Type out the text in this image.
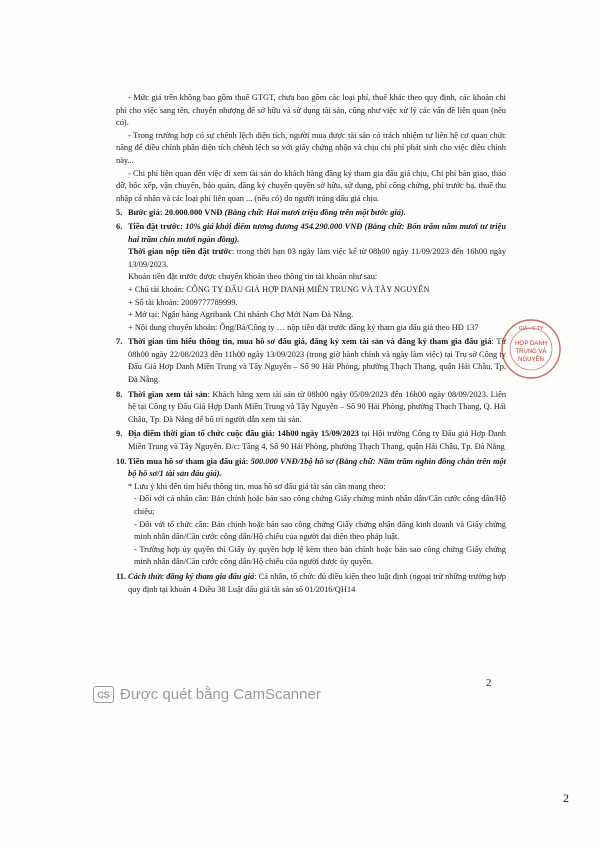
- Mức giá trên không bao gồm thuế GTGT, chưa bao gồm các loại phí, thuế khác theo quy định, các khoản chi phí cho việc sang tên, chuyển nhượng để sở hữu và sử dụng tài sản, cũng như việc xử lý các vấn đề liên quan (nếu có).

- Trong trường hợp có sự chênh lệch diện tích, người mua được tài sản có trách nhiệm tự liên hệ cơ quan chức năng để điều chỉnh phần diện tích chênh lệch so với giấy chứng nhận và chịu chi phí phát sinh cho việc điều chỉnh này...

- Chi phí liên quan đến việc đi xem tài sản do khách hàng đăng ký tham gia đấu giá chịu, Chi phí bàn giao, tháo dỡ, bốc xếp, vận chuyển, bảo quản, đăng ký chuyển quyền sở hữu, sử dụng, phí công chứng, phí trước bạ, thuế thu nhập cá nhân và các loại phí liên quan ... (nếu có) do người trúng đấu giá chịu.

5. Bước giá: 20.000.000 VNĐ (Bằng chữ: Hai mươi triệu đồng trên một bước giá).
6. Tiền đặt trước: 10% giá khởi điểm tương đương 454.290.000 VNĐ (Bằng chữ: Bốn trăm năm mươi tư triệu hai trăm chín mươi ngàn đồng).

Thời gian nộp tiền đặt trước: trong thời hạn 03 ngày làm việc kể từ 08h00 ngày 11/09/2023 đến 16h00 ngày 13/09/2023.

Khoản tiền đặt trước được chuyển khoản theo thông tin tài khoản như sau:

+ Chủ tài khoản: CÔNG TY ĐẤU GIÁ HỢP DANH MIỀN TRUNG VÀ TÂY NGUYÊN

+ Số tài khoản: 2009777789999.

+ Mở tại: Ngân hàng Agribank Chi nhánh Chợ Mới Nam Đà Nẵng.

+ Nội dung chuyển khoản: Ông/Bà/Công ty … nộp tiền đặt trước đăng ký tham gia đấu giá theo HĐ 137

7. Thời gian tìm hiểu thông tin, mua hồ sơ đấu giá, đăng ký xem tài sản và đăng ký tham gia đấu giá: Từ 08h00 ngày 22/08/2023 đến 11h00 ngày 13/09/2023 (trong giờ hành chính và ngày làm việc) tại Trụ sở Công ty Đấu Giá Hợp Danh Miền Trung và Tây Nguyên – Số 90 Hải Phòng, phường Thạch Thang, quận Hải Châu, Tp. Đà Nẵng.
8. Thời gian xem tài sản: Khách hàng xem tài sản từ 08h00 ngày 05/09/2023 đến 16h00 ngày 08/09/2023. Liên hệ tại Công ty Đấu Giá Hợp Danh Miền Trung và Tây Nguyên – Số 90 Hải Phòng, phường Thạch Thang, Q. Hải Châu, Tp. Đà Nẵng để bố trí người dẫn xem tài sản.
9. Địa điểm thời gian tổ chức cuộc đấu giá: 14h00 ngày 15/09/2023 tại Hội trường Công ty Đấu giá Hợp Danh Miền Trung và Tây Nguyên. Đ/c: Tầng 4, Số 90 Hải Phòng, phường Thạch Thang, quận Hải Châu, Tp. Đà Nẵng
10. Tiền mua hồ sơ tham gia đấu giá: 500.000 VNĐ/1bộ hồ sơ (Bằng chữ: Năm trăm nghìn đồng chẵn trên một bộ hồ sơ/1 tài sản đấu giá).

* Lưu ý khi đến tìm hiểu thông tin, mua hồ sơ đấu giá tài sản cần mang theo:

- Đối với cá nhân cần: Bản chính hoặc bản sao công chứng Giấy chứng minh nhân dân/Căn cước công dân/Hộ chiếu;

- Đối với tổ chức cần: Bản chính hoặc bản sao công chứng Giấy chứng nhận đăng kinh doanh và Giấy chứng minh nhân dân/Căn cước công dân/Hộ chiếu của người đại diện theo pháp luật.

- Trường hợp ủy quyền thì Giấy ủy quyền hợp lệ kèm theo bản chính hoặc bản sao công chứng Giấy chứng minh nhân dân/Căn cước công dân/Hộ chiếu của người được ủy quyền.

11. Cách thức đăng ký tham gia đấu giá: Cá nhân, tổ chức đủ điều kiện theo luật định (ngoại trừ những trường hợp quy định tại khoản 4 Điều 38 Luật đấu giá tài sản số 01/2016/QH14
GIÁ • C.TY
HỢP DANH
TRUNG VÀ
NGUYÊN
2
CS Được quét bằng CamScanner
2
